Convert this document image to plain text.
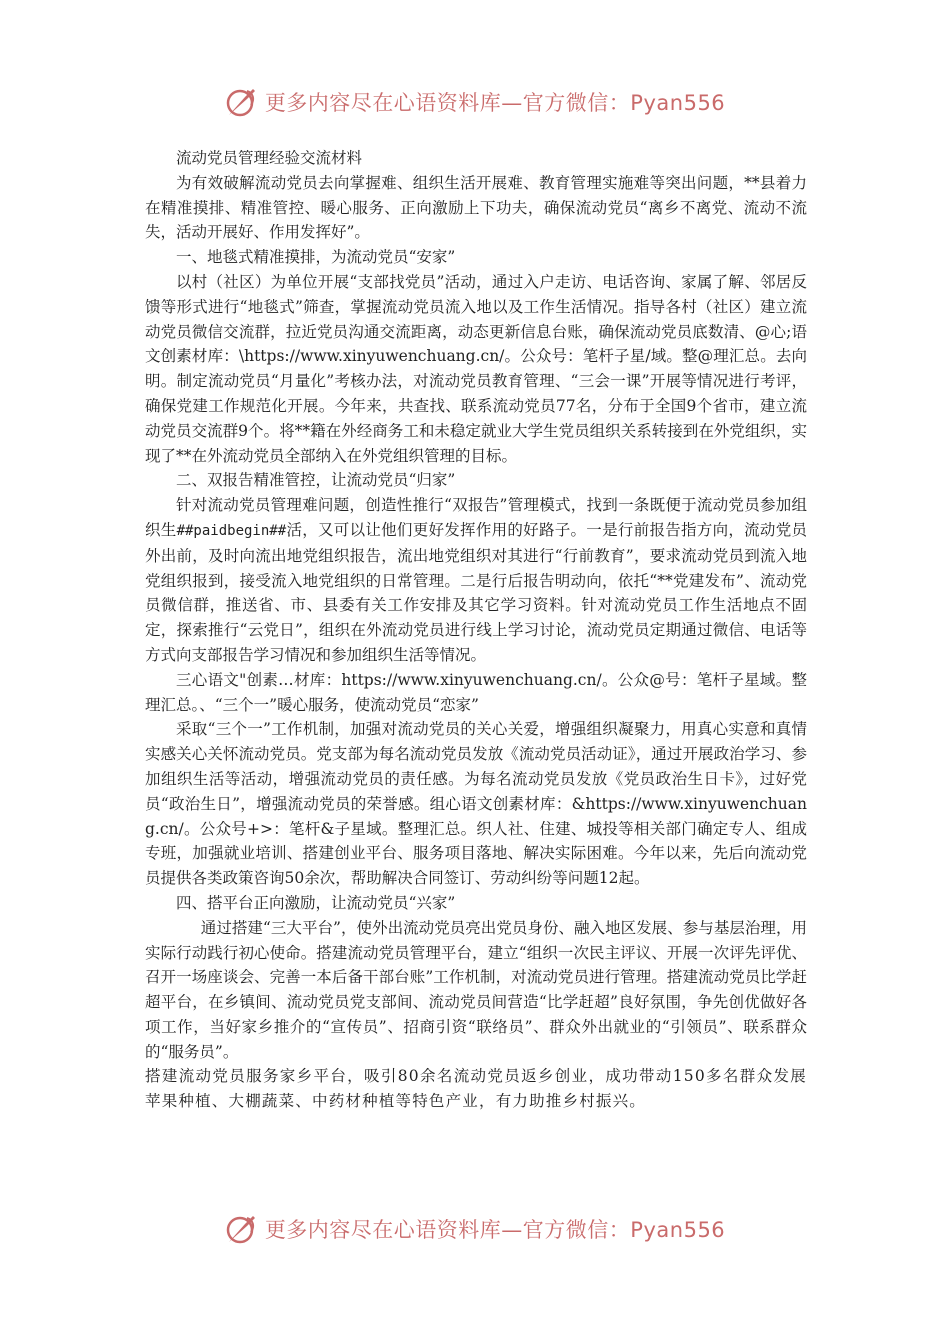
更多内容尽在心语资料库—官方微信：Pyan556

流动党员管理经验交流材料

为有效破解流动党员去向掌握难、组织生活开展难、教育管理实施难等突出问题，**县着力在精准摸排、精准管控、暖心服务、正向激励上下功夫，确保流动党员“离乡不离党、流动不流失，活动开展好、作用发挥好”。

一、地毯式精准摸排，为流动党员“安家”

以村（社区）为单位开展“支部找党员”活动，通过入户走访、电话咨询、家属了解、邻居反馈等形式进行“地毯式”筛查，掌握流动党员流入地以及工作生活情况。指导各村（社区）建立流动党员微信交流群，拉近党员沟通交流距离，动态更新信息台账，确保流动党员底数清、@心;语文创素材库：\https://www.xinyuwenchuang.cn/。公众号：笔杆子星/域。整@理汇总。去向明。制定流动党员“月量化”考核办法，对流动党员教育管理、“三会一课”开展等情况进行考评，确保党建工作规范化开展。今年来，共查找、联系流动党员77名，分布于全国9个省市，建立流动党员交流群9个。将**籍在外经商务工和未稳定就业大学生党员组织关系转接到在外党组织，实现了**在外流动党员全部纳入在外党组织管理的目标。

二、双报告精准管控，让流动党员“归家”

针对流动党员管理难问题，创造性推行“双报告”管理模式，找到一条既便于流动党员参加组织生##paidbegin##活，又可以让他们更好发挥作用的好路子。一是行前报告指方向，流动党员外出前，及时向流出地党组织报告，流出地党组织对其进行“行前教育”，要求流动党员到流入地党组织报到，接受流入地党组织的日常管理。二是行后报告明动向，依托“**党建发布”、流动党员微信群，推送省、市、县委有关工作安排及其它学习资料。针对流动党员工作生活地点不固定，探索推行“云党日”，组织在外流动党员进行线上学习讨论，流动党员定期通过微信、电话等方式向支部报告学习情况和参加组织生活等情况。

三心语文"创素…材库：https://www.xinyuwenchuang.cn/。公众@号：笔杆子星域。整理汇总。、“三个一”暖心服务，使流动党员“恋家”

采取“三个一”工作机制，加强对流动党员的关心关爱，增强组织凝聚力，用真心实意和真情实感关心关怀流动党员。党支部为每名流动党员发放《流动党员活动证》，通过开展政治学习、参加组织生活等活动，增强流动党员的责任感。为每名流动党员发放《党员政治生日卡》，过好党员“政治生日”，增强流动党员的荣誉感。组心语文创素材库：&https://www.xinyuwenchuang.cn/。公众号+>：笔杆&子星域。整理汇总。织人社、住建、城投等相关部门确定专人、组成专班，加强就业培训、搭建创业平台、服务项目落地、解决实际困难。今年以来，先后向流动党员提供各类政策咨询50余次，帮助解决合同签订、劳动纠纷等问题12起。

四、搭平台正向激励，让流动党员“兴家”

通过搭建“三大平台”，使外出流动党员亮出党员身份、融入地区发展、参与基层治理，用实际行动践行初心使命。搭建流动党员管理平台，建立“组织一次民主评议、开展一次评先评优、召开一场座谈会、完善一本后备干部台账”工作机制，对流动党员进行管理。搭建流动党员比学赶超平台，在乡镇间、流动党员党支部间、流动党员间营造“比学赶超”良好氛围，争先创优做好各项工作，当好家乡推介的“宣传员”、招商引资“联络员”、群众外出就业的“引领员”、联系群众的“服务员”。

搭建流动党员服务家乡平台，吸引80余名流动党员返乡创业，成功带动150多名群众发展苹果种植、大棚蔬菜、中药材种植等特色产业，有力助推乡村振兴。

更多内容尽在心语资料库—官方微信：Pyan556
